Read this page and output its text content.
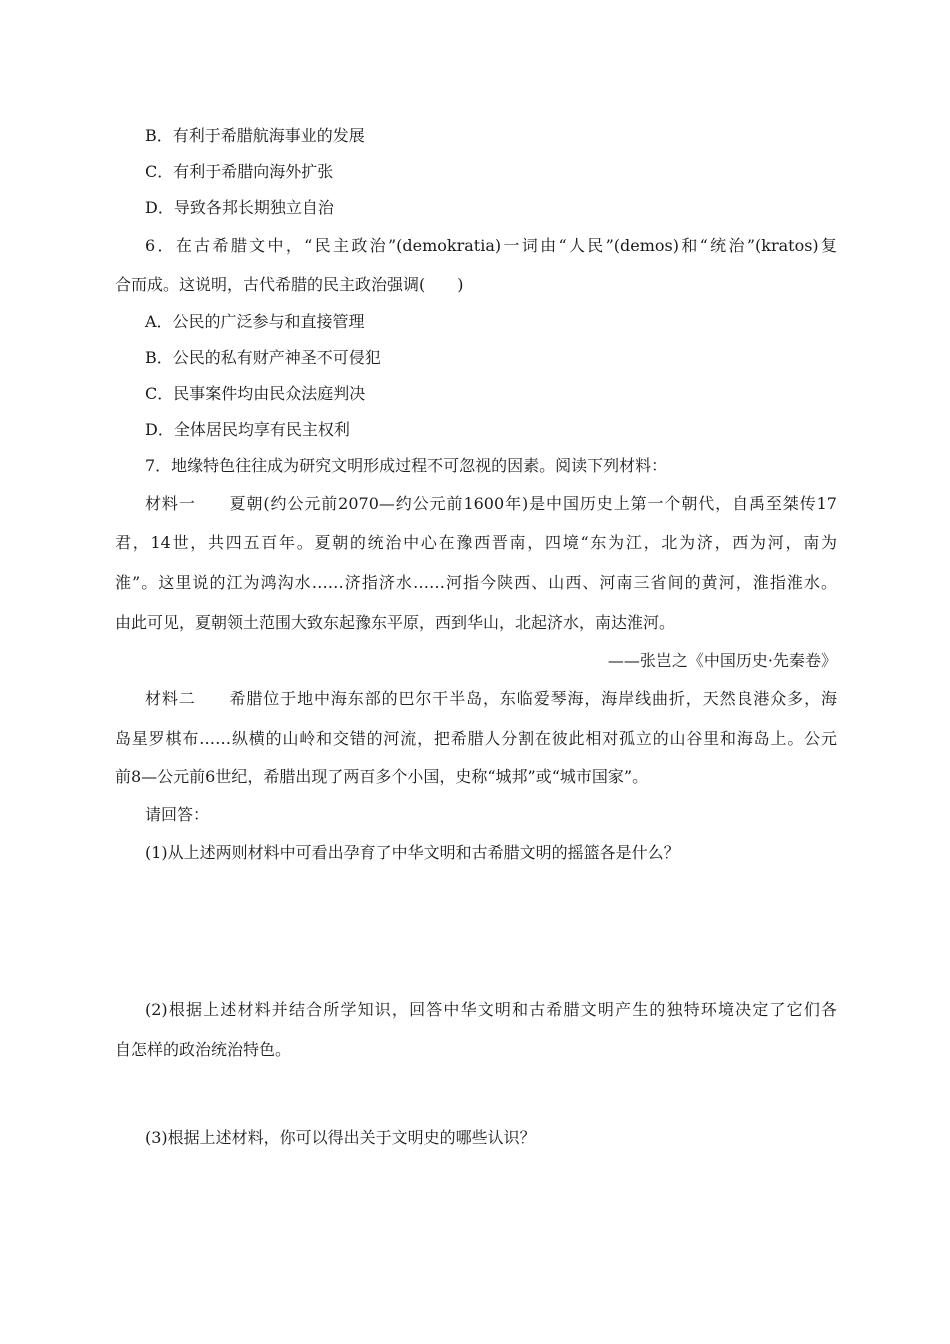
B．有利于希腊航海事业的发展
C．有利于希腊向海外扩张
D．导致各邦长期独立自治
6．在古希腊文中，“民主政治”(demokratia)一词由“人民”(demos)和“统治”(kratos)复
合而成。这说明，古代希腊的民主政治强调(　　)
A．公民的广泛参与和直接管理
B．公民的私有财产神圣不可侵犯
C．民事案件均由民众法庭判决
D．全体居民均享有民主权利
7．地缘特色往往成为研究文明形成过程不可忽视的因素。阅读下列材料：
材料一　　夏朝(约公元前2070—约公元前1600年)是中国历史上第一个朝代，自禹至桀传17
君，14世，共四五百年。夏朝的统治中心在豫西晋南，四境“东为江，北为济，西为河，南为
淮”。这里说的江为鸿沟水……济指济水……河指今陕西、山西、河南三省间的黄河，淮指淮水。
由此可见，夏朝领土范围大致东起豫东平原，西到华山，北起济水，南达淮河。
——张岂之《中国历史·先秦卷》
材料二　　希腊位于地中海东部的巴尔干半岛，东临爱琴海，海岸线曲折，天然良港众多，海
岛星罗棋布……纵横的山岭和交错的河流，把希腊人分割在彼此相对孤立的山谷里和海岛上。公元
前8—公元前6世纪，希腊出现了两百多个小国，史称“城邦”或“城市国家”。
请回答：
(1)从上述两则材料中可看出孕育了中华文明和古希腊文明的摇篮各是什么？
(2)根据上述材料并结合所学知识，回答中华文明和古希腊文明产生的独特环境决定了它们各
自怎样的政治统治特色。
(3)根据上述材料，你可以得出关于文明史的哪些认识？
